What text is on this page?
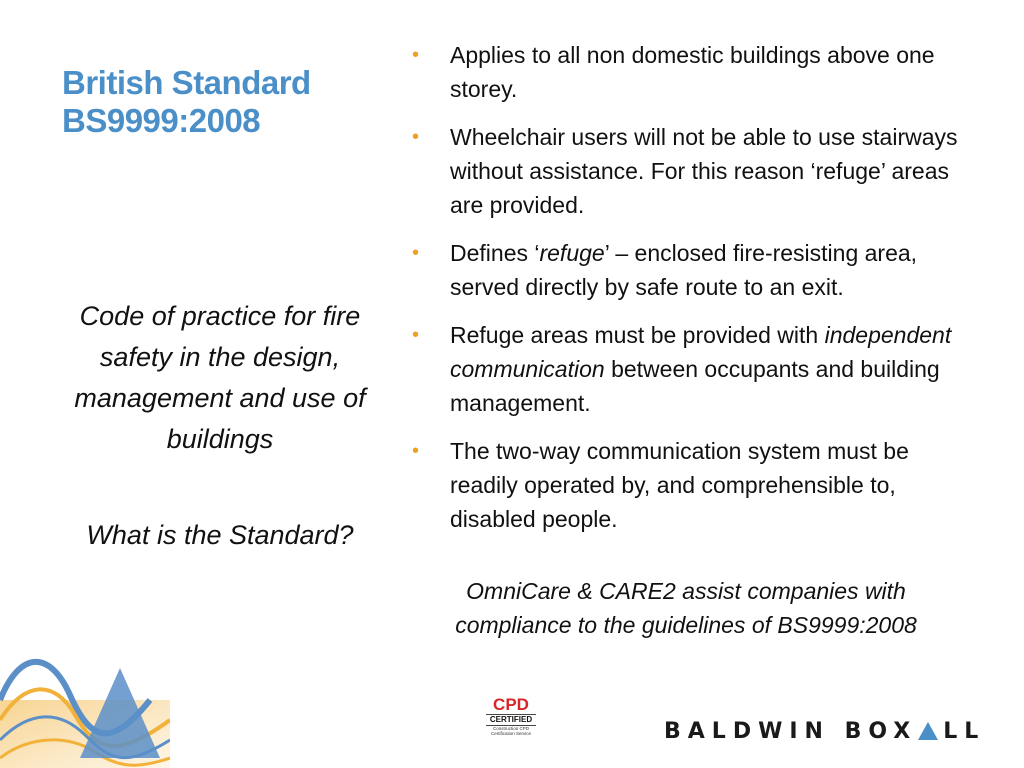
British Standard
BS9999:2008
Code of practice for fire safety in the design, management and use of buildings
What is the Standard?
• Applies to all non domestic buildings above one storey.
• Wheelchair users will not be able to use stairways without assistance. For this reason ‘refuge’ areas are provided.
• Defines ‘refuge’ – enclosed fire-resisting area, served directly by safe route to an exit.
• Refuge areas must be provided with independent communication between occupants and building management.
• The two-way communication system must be readily operated by, and comprehensible to, disabled people.
OmniCare & CARE2 assist companies with compliance to the guidelines of BS9999:2008
CPD
CERTIFIED
Construction CPD Certification Service	BALDWIN BOX LL
